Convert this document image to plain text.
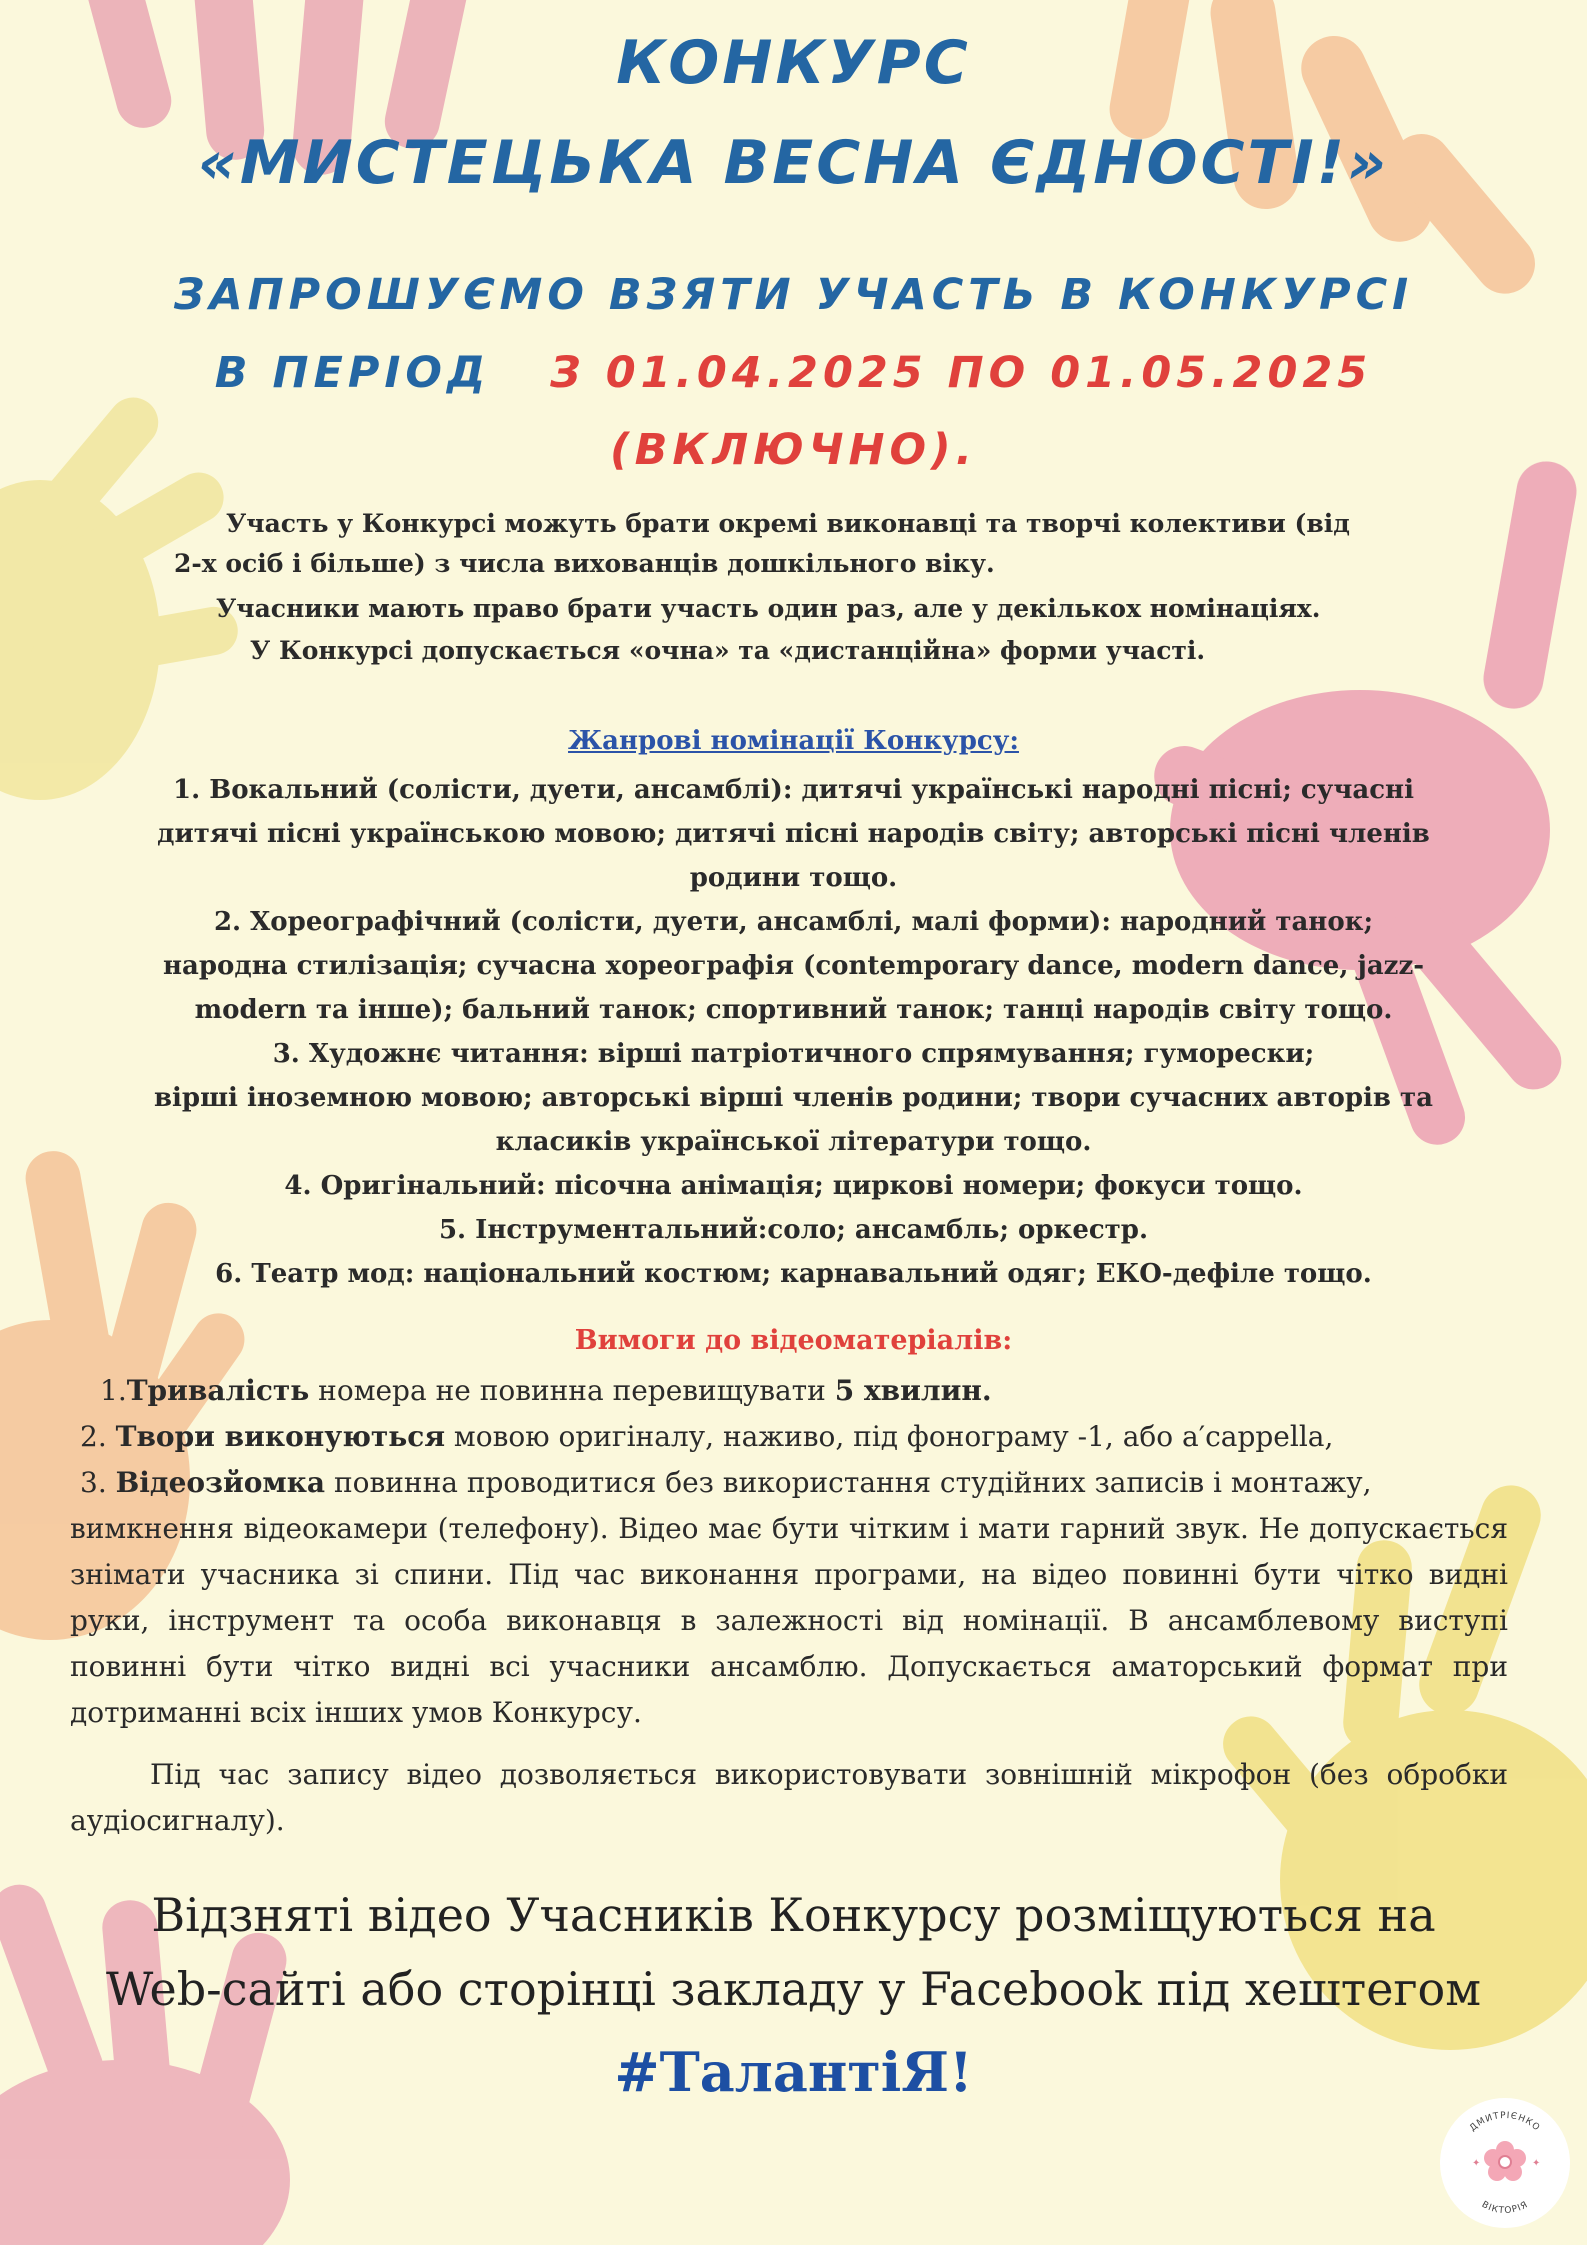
КОНКУРС
«МИСТЕЦЬКА ВЕСНА ЄДНОСТІ!»
ЗАПРОШУЄМО ВЗЯТИ УЧАСТЬ В КОНКУРСІ
В ПЕРІОД З 01.04.2025 ПО 01.05.2025
(ВКЛЮЧНО).
Участь у Конкурсі можуть брати окремі виконавці та творчі колективи (від
2-х осіб і більше) з числа вихованців дошкільного віку.
Учасники мають право брати участь один раз, але у декількох номінаціях.
У Конкурсі допускається «очна» та «дистанційна» форми участі.
Жанрові номінації Конкурсу:
1. Вокальний (солісти, дуети, ансамблі): дитячі українські народні пісні; сучасні
дитячі пісні українською мовою; дитячі пісні народів світу; авторські пісні членів
родини тощо.
2. Хореографічний (солісти, дуети, ансамблі, малі форми): народний танок;
народна стилізація; сучасна хореографія (contemporary dance, modern dance, jazz-
modern та інше); бальний танок; спортивний танок; танці народів світу тощо.
3. Художнє читання: вірші патріотичного спрямування; гуморески;
вірші іноземною мовою; авторські вірші членів родини; твори сучасних авторів та
класиків української літератури тощо.
4. Оригінальний: пісочна анімація; циркові номери; фокуси тощо.
5. Інструментальний:соло; ансамбль; оркестр.
6. Театр мод: національний костюм; карнавальний одяг; ЕКО-дефіле тощо.
Вимоги до відеоматеріалів:
1.Тривалість номера не повинна перевищувати 5 хвилин.
2. Твори виконуються мовою оригіналу, наживо, під фонограму -1, або a′cappella,
3. Відеозйомка повинна проводитися без використання студійних записів і монтажу,
вимкнення відеокамери (телефону). Відео має бути чітким і мати гарний звук. Не допускається знімати учасника зі спини. Під час виконання програми, на відео повинні бути чітко видні руки, інструмент та особа виконавця в залежності від номінації. В ансамблевому виступі повинні бути чітко видні всі учасники ансамблю. Допускається аматорський формат при дотриманні всіх інших умов Конкурсу.
Під час запису відео дозволяється використовувати зовнішній мікрофон (без обробки аудіосигналу).
Відзняті відео Учасників Конкурсу розміщуються на
Web-сайті або сторінці закладу у Facebook під хештегом
#ТалантіЯ!
ДМИТРІЄНКО
ВІКТОРІЯ
✦	✦
